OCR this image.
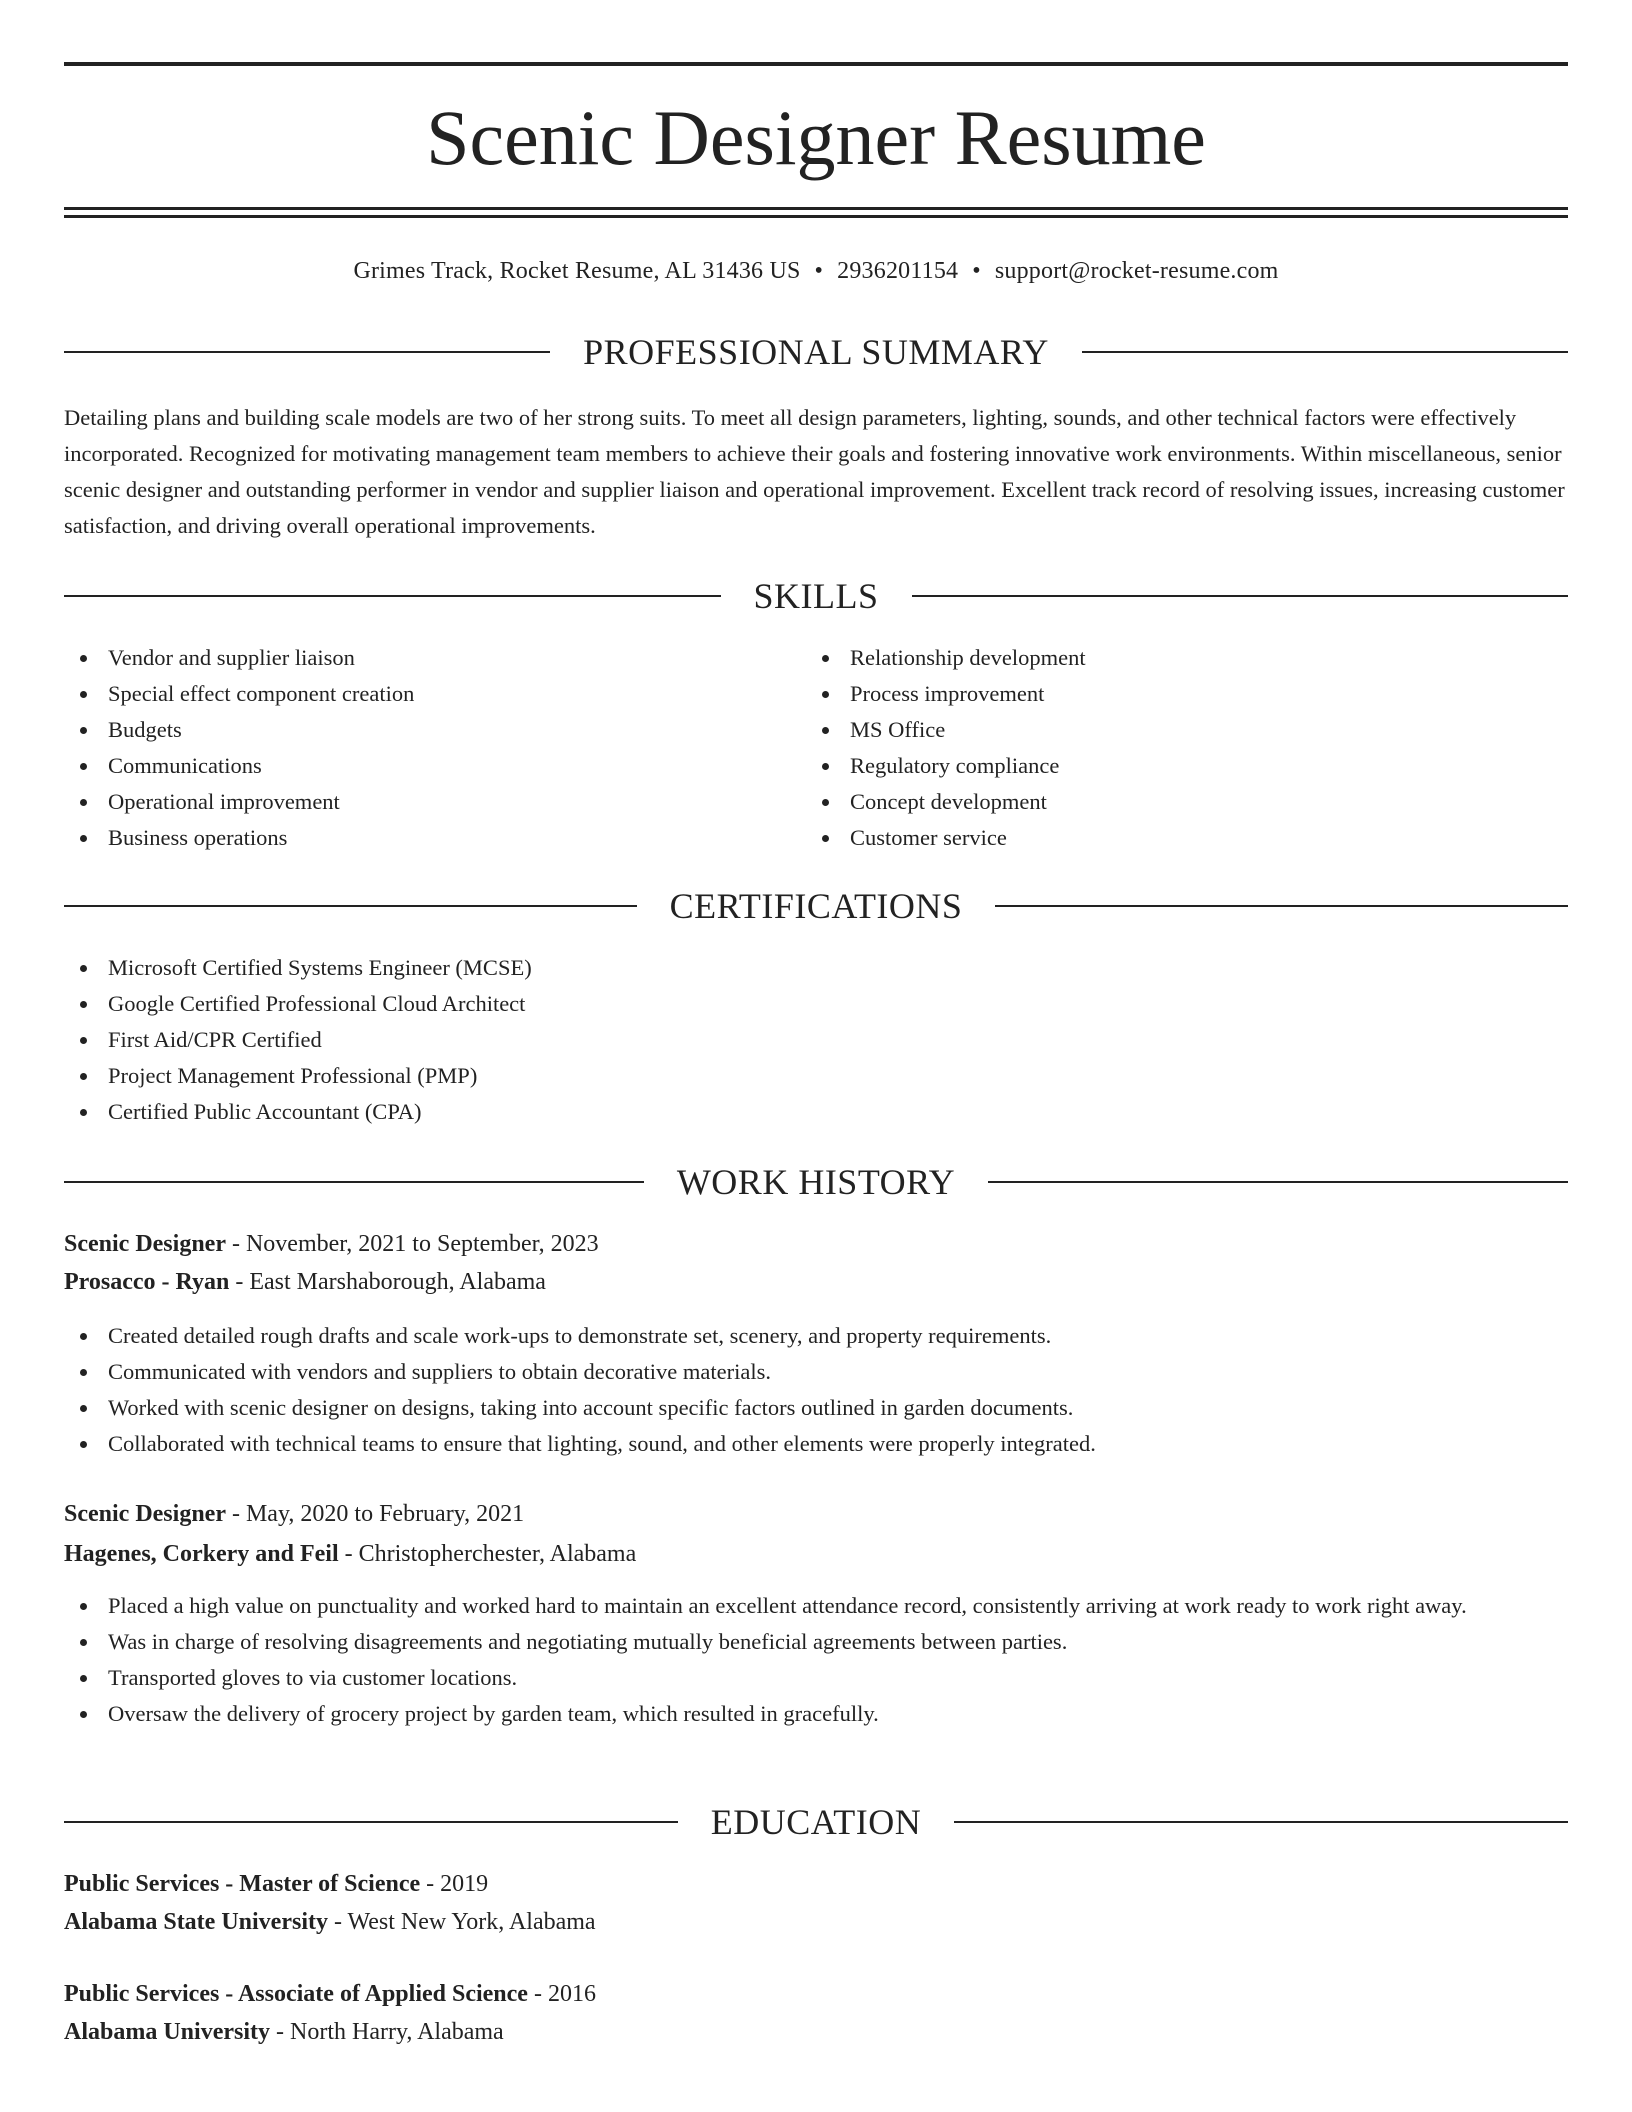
Scenic Designer Resume
Grimes Track, Rocket Resume, AL 31436 US • 2936201154 • support@rocket-resume.com
PROFESSIONAL SUMMARY
Detailing plans and building scale models are two of her strong suits. To meet all design parameters, lighting, sounds, and other technical factors were effectively incorporated. Recognized for motivating management team members to achieve their goals and fostering innovative work environments. Within miscellaneous, senior scenic designer and outstanding performer in vendor and supplier liaison and operational improvement. Excellent track record of resolving issues, increasing customer satisfaction, and driving overall operational improvements.
SKILLS
Vendor and supplier liaison
Special effect component creation
Budgets
Communications
Operational improvement
Business operations
Relationship development
Process improvement
MS Office
Regulatory compliance
Concept development
Customer service
CERTIFICATIONS
Microsoft Certified Systems Engineer (MCSE)
Google Certified Professional Cloud Architect
First Aid/CPR Certified
Project Management Professional (PMP)
Certified Public Accountant (CPA)
WORK HISTORY
Scenic Designer - November, 2021 to September, 2023
Prosacco - Ryan - East Marshaborough, Alabama
Created detailed rough drafts and scale work-ups to demonstrate set, scenery, and property requirements.
Communicated with vendors and suppliers to obtain decorative materials.
Worked with scenic designer on designs, taking into account specific factors outlined in garden documents.
Collaborated with technical teams to ensure that lighting, sound, and other elements were properly integrated.
Scenic Designer - May, 2020 to February, 2021
Hagenes, Corkery and Feil - Christopherchester, Alabama
Placed a high value on punctuality and worked hard to maintain an excellent attendance record, consistently arriving at work ready to work right away.
Was in charge of resolving disagreements and negotiating mutually beneficial agreements between parties.
Transported gloves to via customer locations.
Oversaw the delivery of grocery project by garden team, which resulted in gracefully.
EDUCATION
Public Services - Master of Science - 2019
Alabama State University - West New York, Alabama
Public Services - Associate of Applied Science - 2016
Alabama University - North Harry, Alabama
